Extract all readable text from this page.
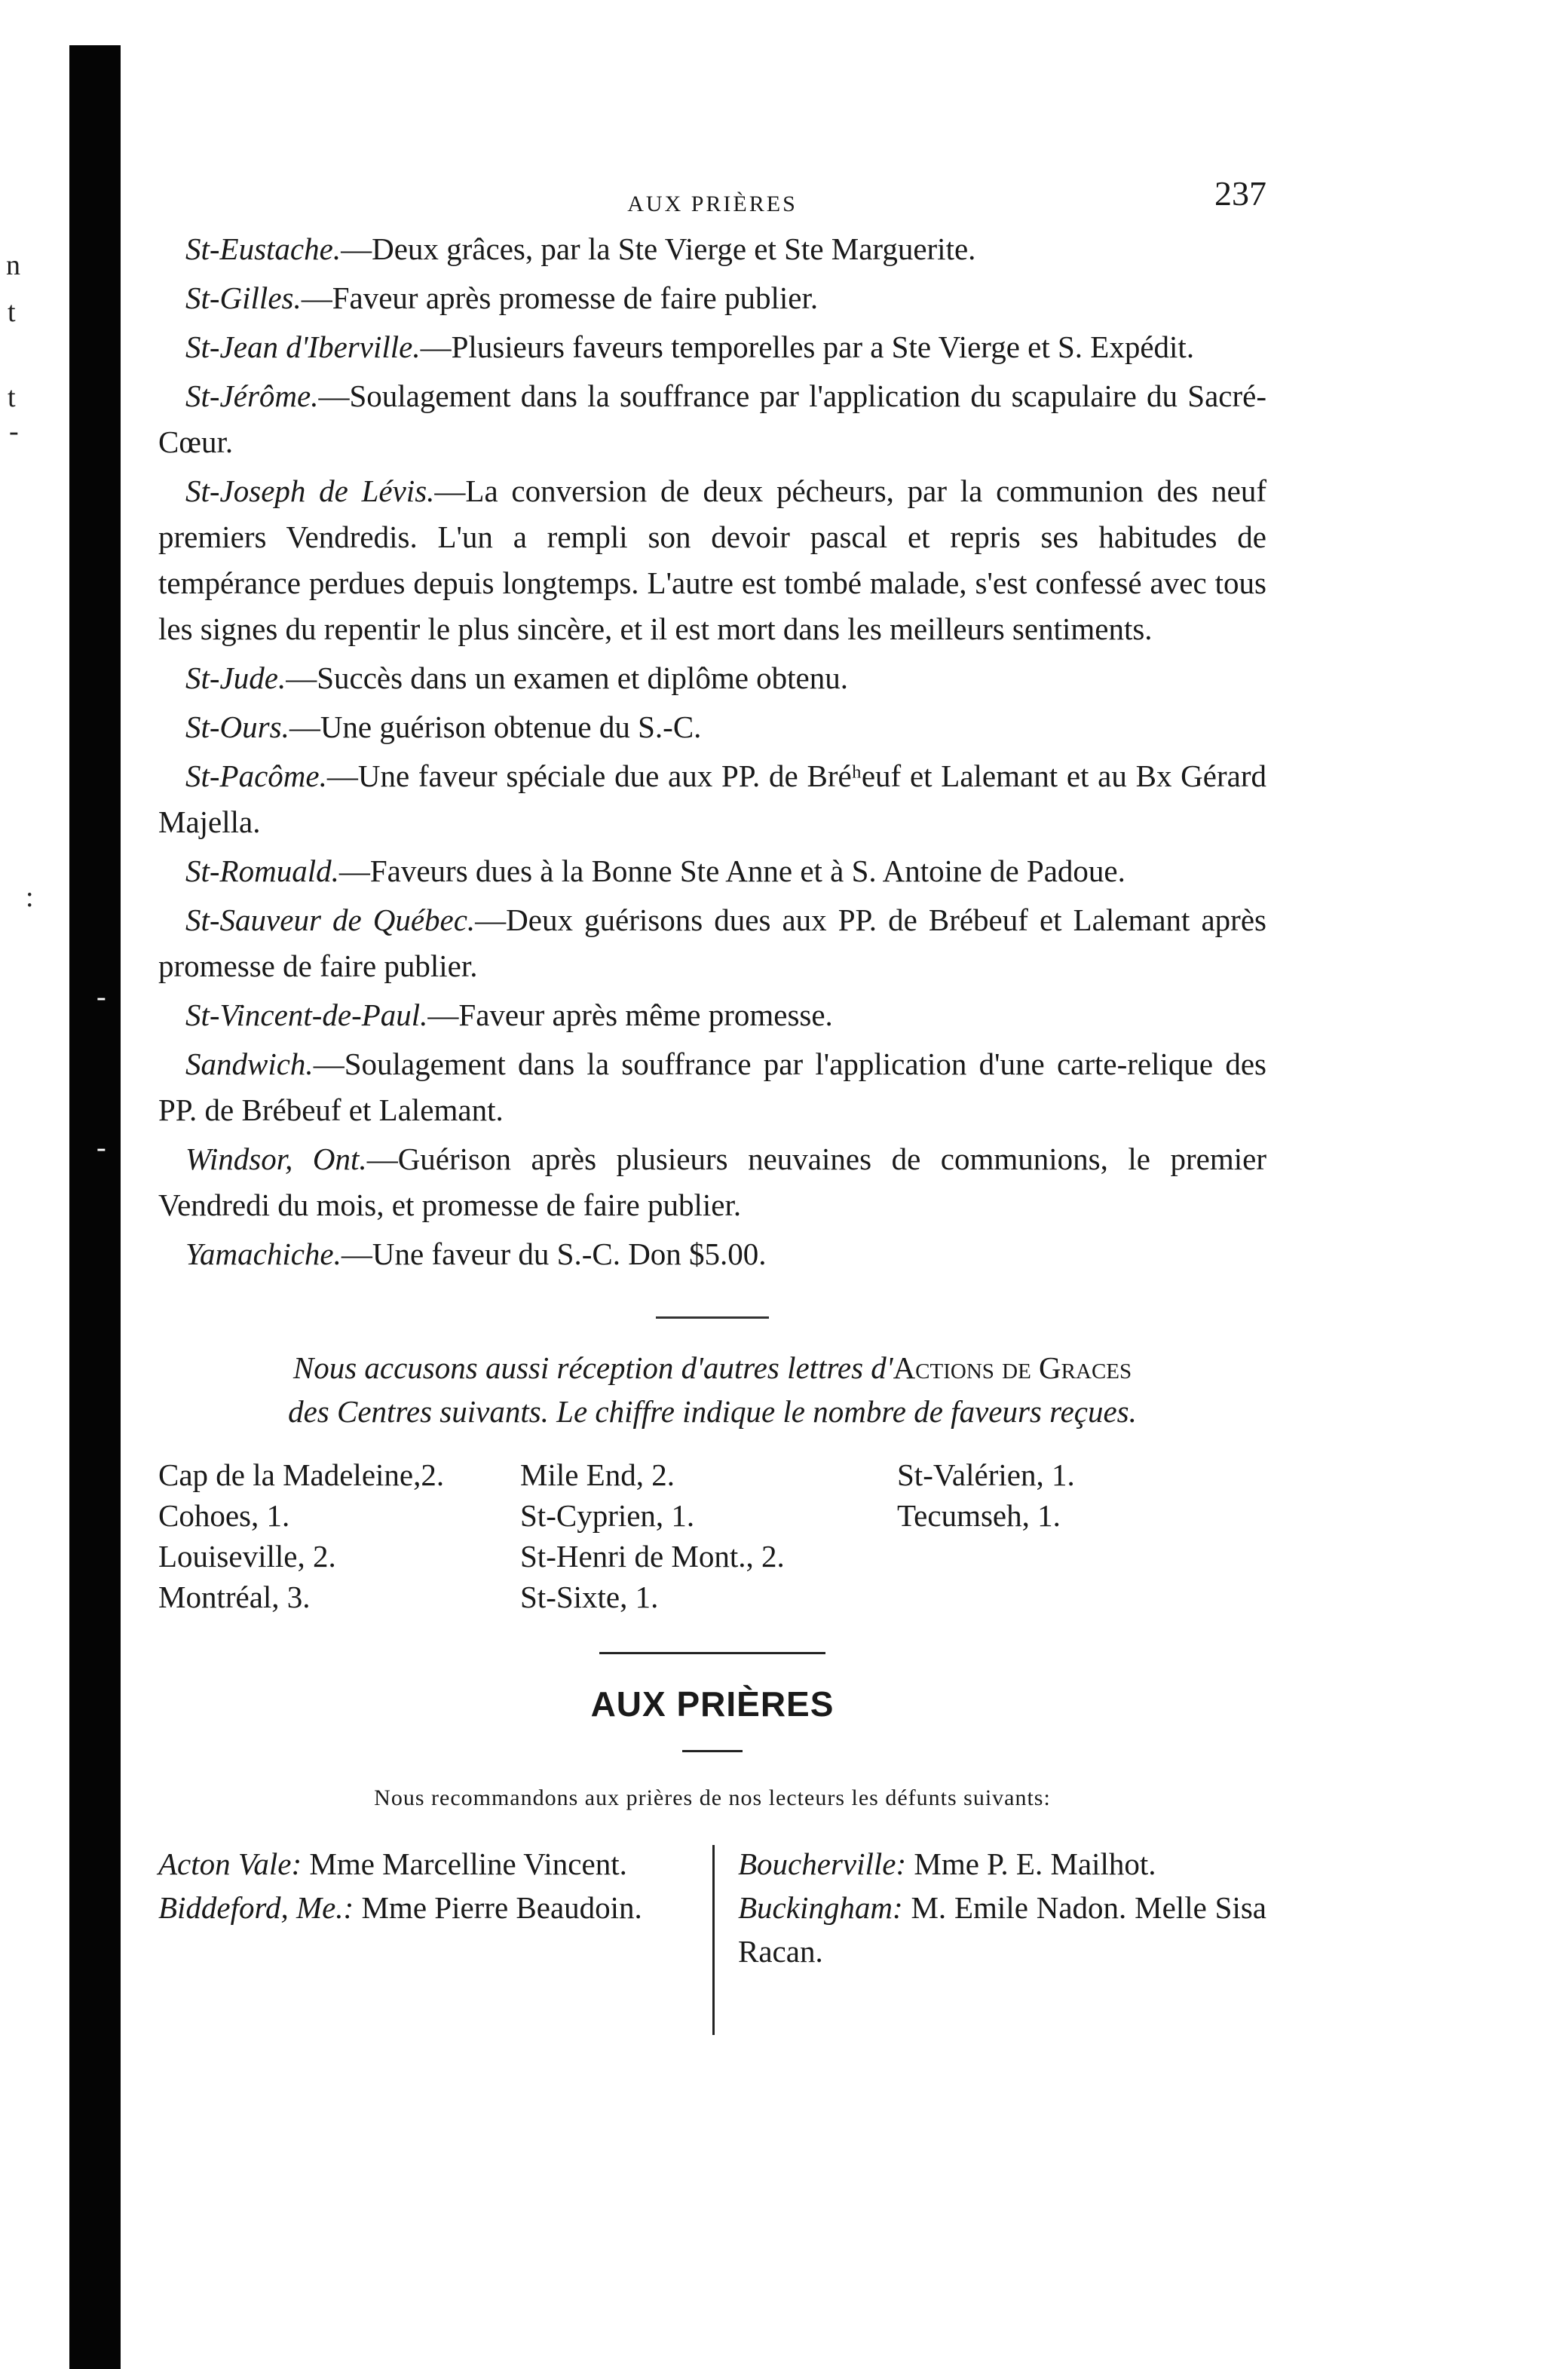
n
t
t
-
:
-
-
AUX PRIÈRES	237

St-Eustache.—Deux grâces, par la Ste Vierge et Ste Marguerite.

St-Gilles.—Faveur après promesse de faire publier.

St-Jean d'Iberville.—Plusieurs faveurs temporelles par a Ste Vierge et S. Expédit.

St-Jérôme.—Soulagement dans la souffrance par l'application du scapulaire du Sacré-Cœur.

St-Joseph de Lévis.—La conversion de deux pécheurs, par la communion des neuf premiers Vendredis. L'un a rempli son devoir pascal et repris ses habitudes de tempérance perdues depuis longtemps. L'autre est tombé malade, s'est confessé avec tous les signes du repentir le plus sincère, et il est mort dans les meilleurs sentiments.

St-Jude.—Succès dans un examen et diplôme obtenu.

St-Ours.—Une guérison obtenue du S.-C.

St-Pacôme.—Une faveur spéciale due aux PP. de Bréʰeuf et Lalemant et au Bx Gérard Majella.

St-Romuald.—Faveurs dues à la Bonne Ste Anne et à S. Antoine de Padoue.

St-Sauveur de Québec.—Deux guérisons dues aux PP. de Brébeuf et Lalemant après promesse de faire publier.

St-Vincent-de-Paul.—Faveur après même promesse.

Sandwich.—Soulagement dans la souffrance par l'application d'une carte-relique des PP. de Brébeuf et Lalemant.

Windsor, Ont.—Guérison après plusieurs neuvaines de communions, le premier Vendredi du mois, et promesse de faire publier.

Yamachiche.—Une faveur du S.-C. Don $5.00.

Nous accusons aussi réception d'autres lettres d'Actions de Graces
des Centres suivants. Le chiffre indique le nombre de faveurs reçues.
Cap de la Madeleine,2.
Cohoes, 1.
Louiseville, 2.
Montréal, 3.
Mile End, 2.
St-Cyprien, 1.
St-Henri de Mont., 2.
St-Sixte, 1.
St-Valérien, 1.
Tecumseh, 1.
AUX PRIÈRES
Nous recommandons aux prières de nos lecteurs les défunts suivants:

Acton Vale: Mme Marcelline Vincent.

Biddeford, Me.: Mme Pierre Beaudoin.

Boucherville: Mme P. E. Mailhot.

Buckingham: M. Emile Nadon. Melle Sisa Racan.
